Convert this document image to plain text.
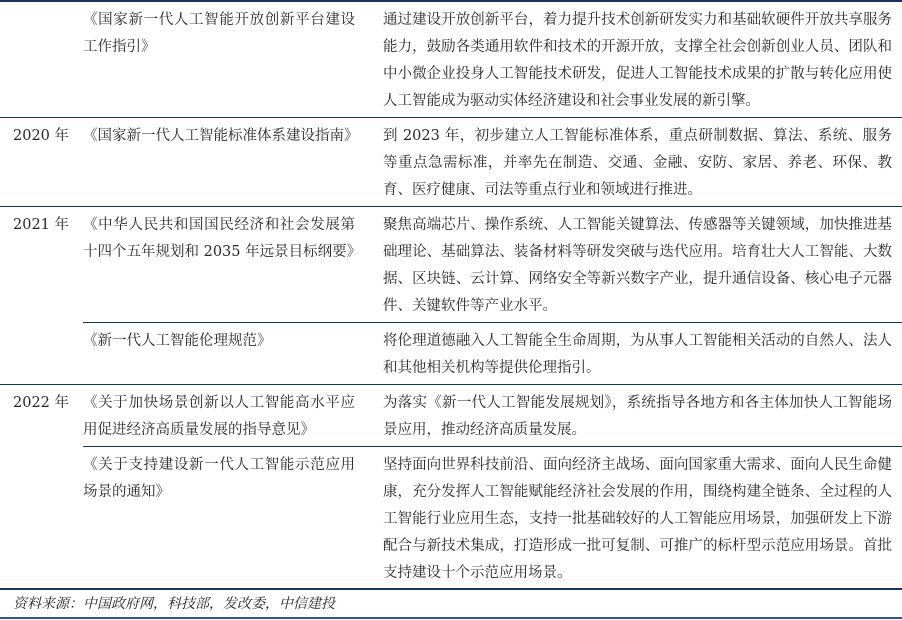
《国家新一代人工智能开放创新平台建设工作指引》
通过建设开放创新平台，着力提升技术创新研发实力和基础软硬件开放共享服务能力，鼓励各类通用软件和技术的开源开放，支撑全社会创新创业人员、团队和中小微企业投身人工智能技术研发，促进人工智能技术成果的扩散与转化应用使人工智能成为驱动实体经济建设和社会事业发展的新引擎。
2020 年 《国家新一代人工智能标准体系建设指南》	到 2023 年，初步建立人工智能标准体系，重点研制数据、算法、系统、服务等重点急需标准，并率先在制造、交通、金融、安防、家居、养老、环保、教育、医疗健康、司法等重点行业和领域进行推进。
2021 年 《中华人民共和国国民经济和社会发展第十四个五年规划和 2035 年远景目标纲要》
聚焦高端芯片、操作系统、人工智能关键算法、传感器等关键领域，加快推进基础理论、基础算法、装备材料等研发突破与迭代应用。培育壮大人工智能、大数据、区块链、云计算、网络安全等新兴数字产业，提升通信设备、核心电子元器件、关键软件等产业水平。
《新一代人工智能伦理规范》	将伦理道德融入人工智能全生命周期，为从事人工智能相关活动的自然人、法人和其他相关机构等提供伦理指引。
2022 年 《关于加快场景创新以人工智能高水平应用促进经济高质量发展的指导意见》
为落实《新一代人工智能发展规划》，系统指导各地方和各主体加快人工智能场景应用，推动经济高质量发展。
《关于支持建设新一代人工智能示范应用场景的通知》
坚持面向世界科技前沿、面向经济主战场、面向国家重大需求、面向人民生命健康，充分发挥人工智能赋能经济社会发展的作用，围绕构建全链条、全过程的人工智能行业应用生态，支持一批基础较好的人工智能应用场景，加强研发上下游配合与新技术集成，打造形成一批可复制、可推广的标杆型示范应用场景。首批支持建设十个示范应用场景。
资料来源：中国政府网，科技部，发改委，中信建投
